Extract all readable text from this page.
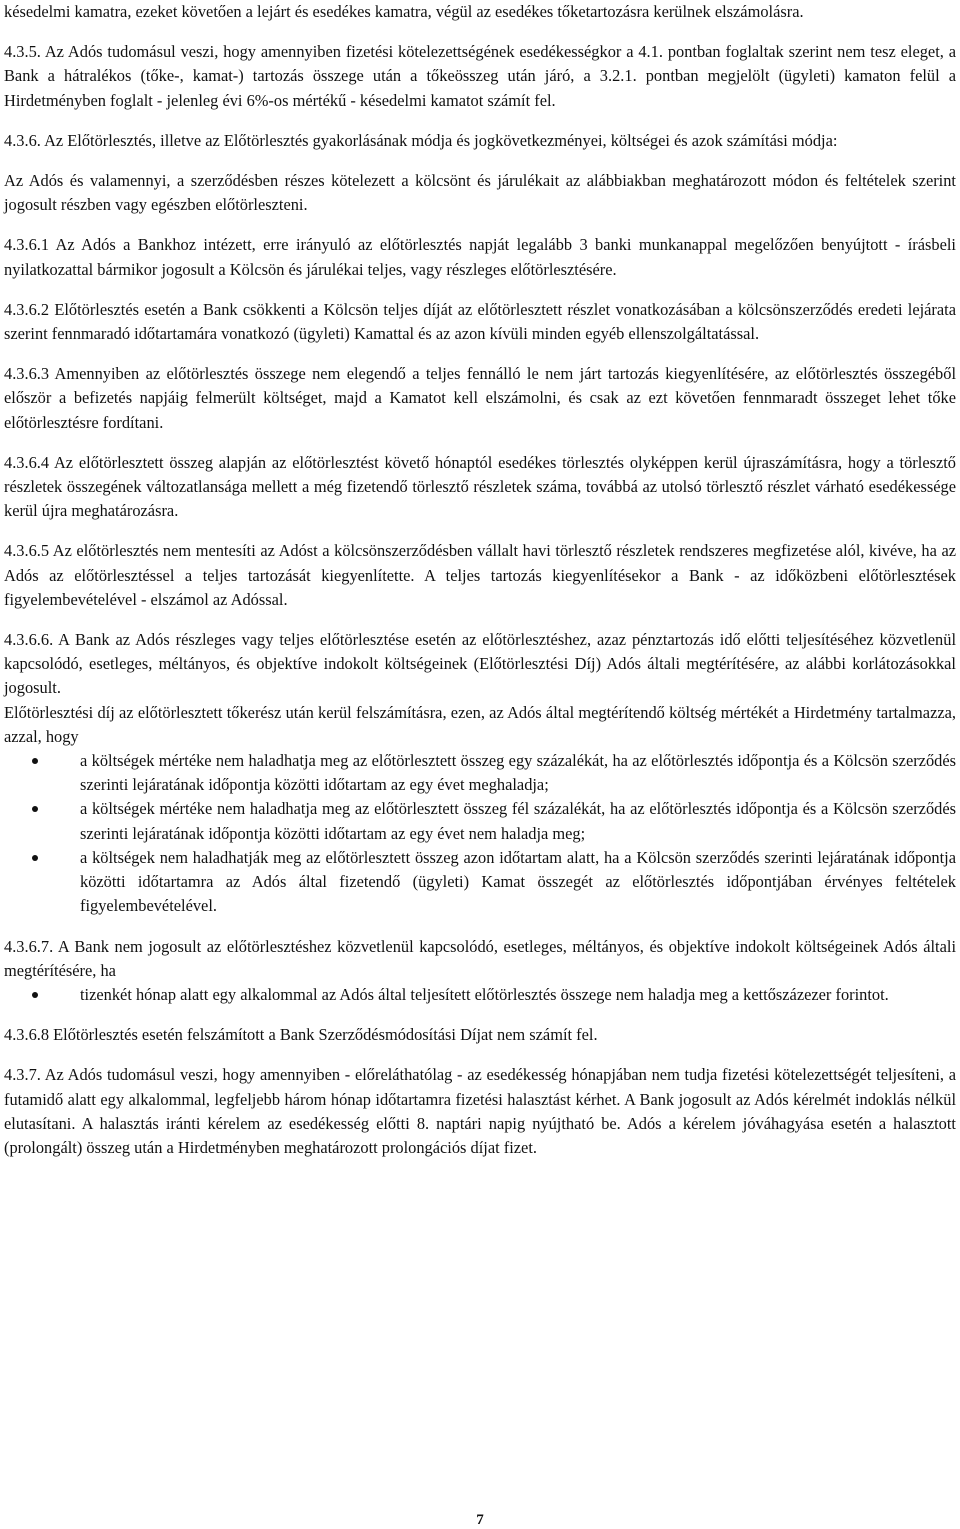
késedelmi kamatra, ezeket követően a lejárt és esedékes kamatra, végül az esedékes tőketartozásra kerülnek elszámolásra.

4.3.5. Az Adós tudomásul veszi, hogy amennyiben fizetési kötelezettségének esedékességkor a 4.1. pontban foglaltak szerint nem tesz eleget, a Bank a hátralékos (tőke-, kamat-) tartozás összege után a tőkeösszeg után járó, a 3.2.1. pontban megjelölt (ügyleti) kamaton felül a Hirdetményben foglalt - jelenleg évi 6%-os mértékű - késedelmi kamatot számít fel.

4.3.6. Az Előtörlesztés, illetve az Előtörlesztés gyakorlásának módja és jogkövetkezményei, költségei és azok számítási módja:

Az Adós és valamennyi, a szerződésben részes kötelezett a kölcsönt és járulékait az alábbiakban meghatározott módon és feltételek szerint jogosult részben vagy egészben előtörleszteni.

4.3.6.1 Az Adós a Bankhoz intézett, erre irányuló az előtörlesztés napját legalább 3 banki munkanappal megelőzően benyújtott - írásbeli nyilatkozattal bármikor jogosult a Kölcsön és járulékai teljes, vagy részleges előtörlesztésére.

4.3.6.2 Előtörlesztés esetén a Bank csökkenti a Kölcsön teljes díját az előtörlesztett részlet vonatkozásában a kölcsönszerződés eredeti lejárata szerint fennmaradó időtartamára vonatkozó (ügyleti) Kamattal és az azon kívüli minden egyéb ellenszolgáltatással.

4.3.6.3 Amennyiben az előtörlesztés összege nem elegendő a teljes fennálló le nem járt tartozás kiegyenlítésére, az előtörlesztés összegéből először a befizetés napjáig felmerült költséget, majd a Kamatot kell elszámolni, és csak az ezt követően fennmaradt összeget lehet tőke előtörlesztésre fordítani.

4.3.6.4 Az előtörlesztett összeg alapján az előtörlesztést követő hónaptól esedékes törlesztés olyképpen kerül újraszámításra, hogy a törlesztő részletek összegének változatlansága mellett a még fizetendő törlesztő részletek száma, továbbá az utolsó törlesztő részlet várható esedékessége kerül újra meghatározásra.

4.3.6.5 Az előtörlesztés nem mentesíti az Adóst a kölcsönszerződésben vállalt havi törlesztő részletek rendszeres megfizetése alól, kivéve, ha az Adós az előtörlesztéssel a teljes tartozását kiegyenlítette. A teljes tartozás kiegyenlítésekor a Bank - az időközbeni előtörlesztések figyelembevételével - elszámol az Adóssal.

4.3.6.6. A Bank az Adós részleges vagy teljes előtörlesztése esetén az előtörlesztéshez, azaz pénztartozás idő előtti teljesítéséhez közvetlenül kapcsolódó, esetleges, méltányos, és objektíve indokolt költségeinek (Előtörlesztési Díj) Adós általi megtérítésére, az alábbi korlátozásokkal jogosult.

Előtörlesztési díj az előtörlesztett tőkerész után kerül felszámításra, ezen, az Adós által megtérítendő költség mértékét a Hirdetmény tartalmazza, azzal, hogy

a költségek mértéke nem haladhatja meg az előtörlesztett összeg egy százalékát, ha az előtörlesztés időpontja és a Kölcsön szerződés szerinti lejáratának időpontja közötti időtartam az egy évet meghaladja;
a költségek mértéke nem haladhatja meg az előtörlesztett összeg fél százalékát, ha az előtörlesztés időpontja és a Kölcsön szerződés szerinti lejáratának időpontja közötti időtartam az egy évet nem haladja meg;
a költségek nem haladhatják meg az előtörlesztett összeg azon időtartam alatt, ha a Kölcsön szerződés szerinti lejáratának időpontja közötti időtartamra az Adós által fizetendő (ügyleti) Kamat összegét az előtörlesztés időpontjában érvényes feltételek figyelembevételével.

4.3.6.7. A Bank nem jogosult az előtörlesztéshez közvetlenül kapcsolódó, esetleges, méltányos, és objektíve indokolt költségeinek Adós általi megtérítésére, ha

tizenkét hónap alatt egy alkalommal az Adós által teljesített előtörlesztés összege nem haladja meg a kettőszázezer forintot.

4.3.6.8 Előtörlesztés esetén felszámított a Bank Szerződésmódosítási Díjat nem számít fel.

4.3.7. Az Adós tudomásul veszi, hogy amennyiben - előreláthatólag - az esedékesség hónapjában nem tudja fizetési kötelezettségét teljesíteni, a futamidő alatt egy alkalommal, legfeljebb három hónap időtartamra fizetési halasztást kérhet. A Bank jogosult az Adós kérelmét indoklás nélkül elutasítani. A halasztás iránti kérelem az esedékesség előtti 8. naptári napig nyújtható be. Adós a kérelem jóváhagyása esetén a halasztott (prolongált) összeg után a Hirdetményben meghatározott prolongációs díjat fizet.

7
